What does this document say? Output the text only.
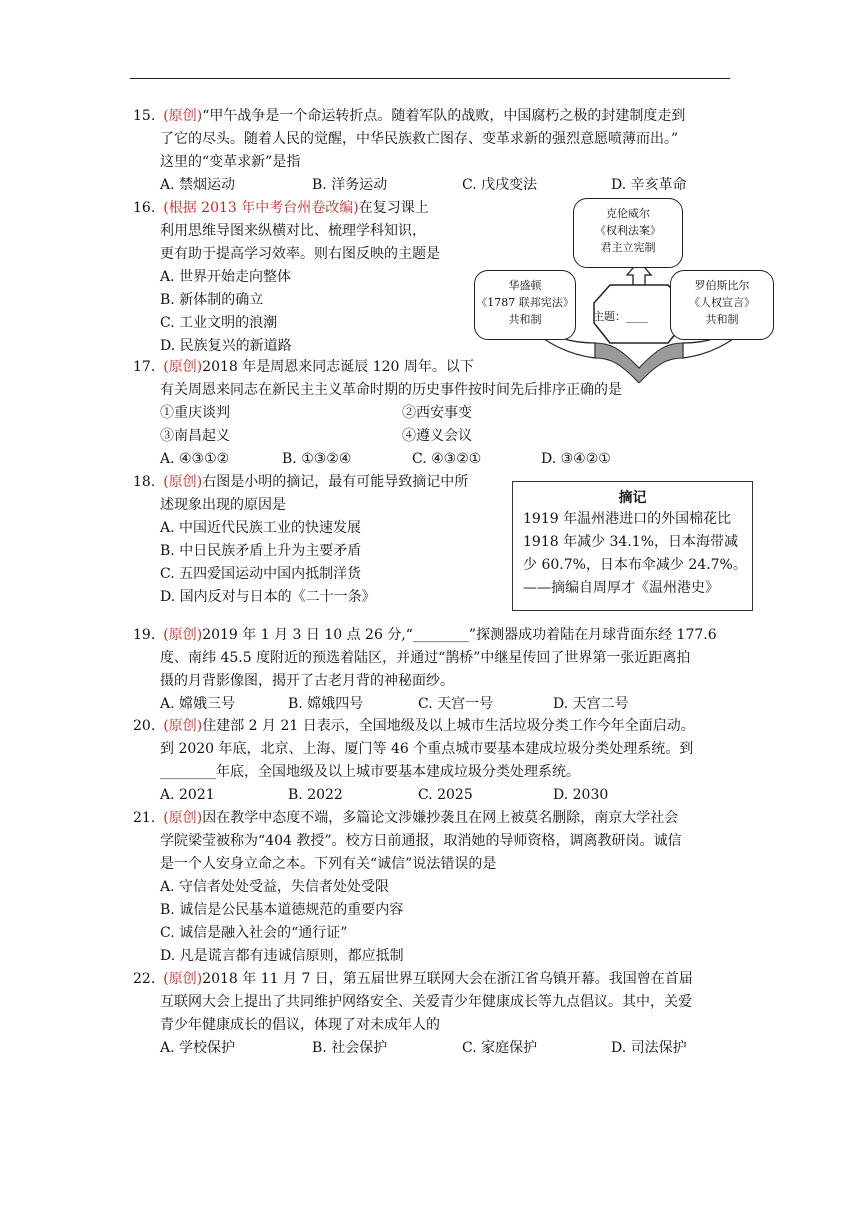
15. (原创)“甲午战争是一个命运转折点。随着军队的战败，中国腐朽之极的封建制度走到
了它的尽头。随着人民的觉醒，中华民族救亡图存、变革求新的强烈意愿喷薄而出。”
这里的“变革求新”是指
A. 禁烟运动	B. 洋务运动	C. 戊戌变法	D. 辛亥革命
16. (根据 2013 年中考台州卷改编)在复习课上
利用思维导图来纵横对比、梳理学科知识，
更有助于提高学习效率。则右图反映的主题是
A. 世界开始走向整体
B. 新体制的确立
C. 工业文明的浪潮
D. 民族复兴的新道路
主题：____
克伦威尔
《权利法案》
君主立宪制
华盛顿
《1787 联邦宪法》
共和制
罗伯斯比尔
《人权宣言》
共和制
17. (原创)2018 年是周恩来同志诞辰 120 周年。以下
有关周恩来同志在新民主主义革命时期的历史事件按时间先后排序正确的是
①重庆谈判	②西安事变
③南昌起义	④遵义会议
A. ④③①②	B. ①③②④	C. ④③②①	D. ③④②①
18. (原创)右图是小明的摘记，最有可能导致摘记中所
述现象出现的原因是
A. 中国近代民族工业的快速发展
B. 中日民族矛盾上升为主要矛盾
C. 五四爱国运动中国内抵制洋货
D. 国内反对与日本的《二十一条》
摘记
1919 年温州港进口的外国棉花比
1918 年减少 34.1%，日本海带减
少 60.7%，日本布伞减少 24.7%。
——摘编自周厚才《温州港史》
19. (原创)2019 年 1 月 3 日 10 点 26 分,“________”探测器成功着陆在月球背面东经 177.6
度、南纬 45.5 度附近的预选着陆区，并通过“鹊桥”中继星传回了世界第一张近距离拍
摄的月背影像图，揭开了古老月背的神秘面纱。
A. 嫦娥三号	B. 嫦娥四号	C. 天宫一号	D. 天宫二号
20. (原创)住建部 2 月 21 日表示，全国地级及以上城市生活垃圾分类工作今年全面启动。
到 2020 年底，北京、上海、厦门等 46 个重点城市要基本建成垃圾分类处理系统。到
________年底，全国地级及以上城市要基本建成垃圾分类处理系统。
A. 2021	B. 2022	C. 2025	D. 2030
21. (原创)因在教学中态度不端，多篇论文涉嫌抄袭且在网上被莫名删除，南京大学社会
学院梁莹被称为“404 教授”。校方日前通报，取消她的导师资格，调离教研岗。诚信
是一个人安身立命之本。下列有关“诚信”说法错误的是
A. 守信者处处受益，失信者处处受限
B. 诚信是公民基本道德规范的重要内容
C. 诚信是融入社会的“通行证”
D. 凡是谎言都有违诚信原则，都应抵制
22. (原创)2018 年 11 月 7 日，第五届世界互联网大会在浙江省乌镇开幕。我国曾在首届
互联网大会上提出了共同维护网络安全、关爱青少年健康成长等九点倡议。其中，关爱
青少年健康成长的倡议，体现了对未成年人的
A. 学校保护	B. 社会保护	C. 家庭保护	D. 司法保护
